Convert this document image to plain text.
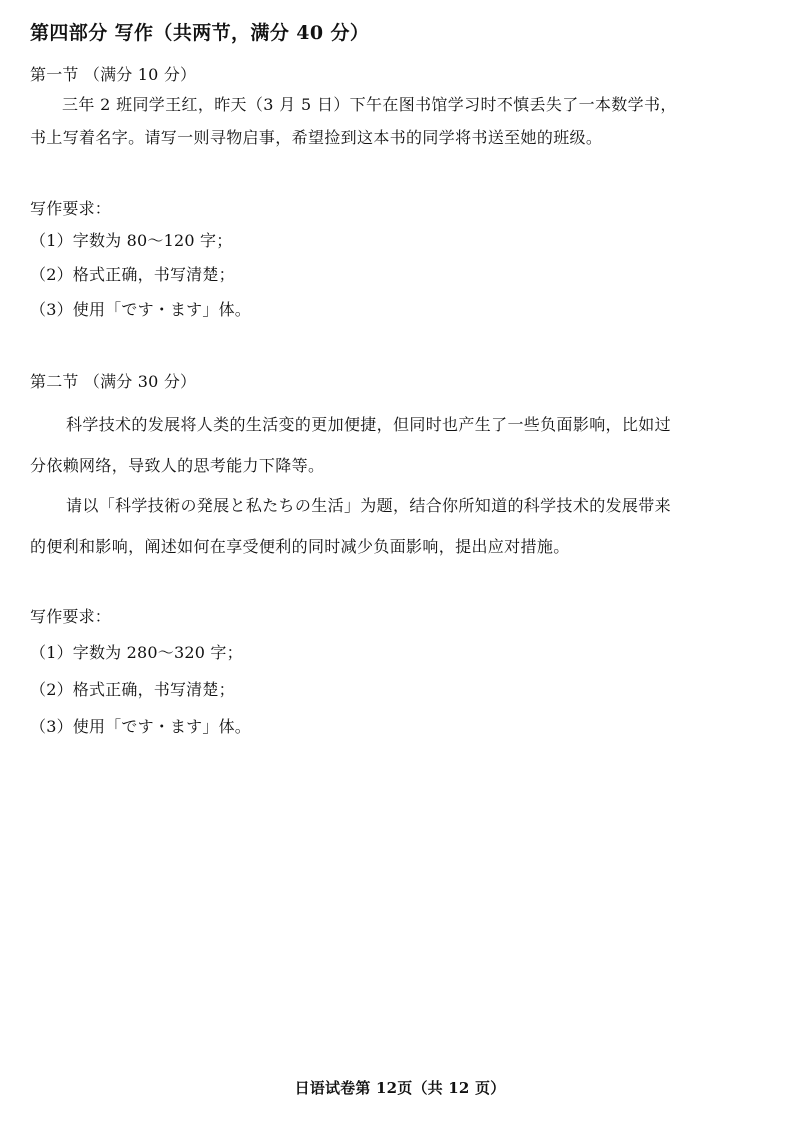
第四部分 写作（共两节，满分 40 分）
第一节 （满分 10 分）
三年 2 班同学王红，昨天（3 月 5 日）下午在图书馆学习时不慎丢失了一本数学书，
书上写着名字。请写一则寻物启事，希望捡到这本书的同学将书送至她的班级。
写作要求：
（1）字数为 80～120 字；
（2）格式正确，书写清楚；
（3）使用「です・ます」体。
第二节 （满分 30 分）
科学技术的发展将人类的生活变的更加便捷，但同时也产生了一些负面影响，比如过
分依赖网络，导致人的思考能力下降等。
请以「科学技術の発展と私たちの生活」为题，结合你所知道的科学技术的发展带来
的便利和影响，阐述如何在享受便利的同时减少负面影响，提出应对措施。
写作要求：
（1）字数为 280～320 字；
（2）格式正确，书写清楚；
（3）使用「です・ます」体。
日语试卷第 12页（共 12 页）
